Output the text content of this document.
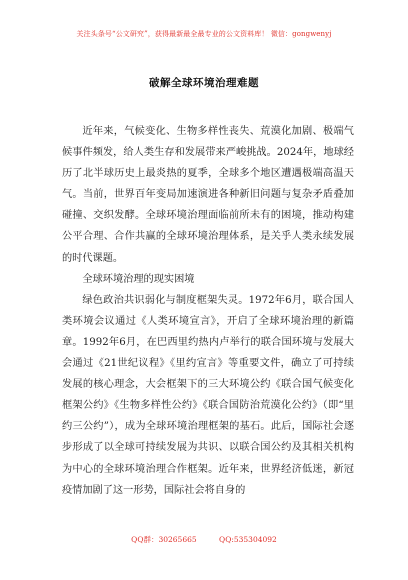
关注头条号“公文研究”，获得最新最全最专业的公文资料库！ 微信：gongwenyj
破解全球环境治理难题

近年来，气候变化、生物多样性丧失、荒漠化加剧、极端气候事件频发，给人类生存和发展带来严峻挑战。2024年，地球经历了北半球历史上最炎热的夏季，全球多个地区遭遇极端高温天气。当前，世界百年变局加速演进各种新旧问题与复杂矛盾叠加碰撞、交织发酵。全球环境治理面临前所未有的困境，推动构建公平合理、合作共赢的全球环境治理体系，是关乎人类永续发展的时代课题。

全球环境治理的现实困境

绿色政治共识弱化与制度框架失灵。1972年6月，联合国人类环境会议通过《人类环境宣言》，开启了全球环境治理的新篇章。1992年6月，在巴西里约热内卢举行的联合国环境与发展大会通过《21世纪议程》《里约宣言》等重要文件，确立了可持续发展的核心理念，大会框架下的三大环境公约《联合国气候变化框架公约》《生物多样性公约》《联合国防治荒漠化公约》（即“里约三公约”），成为全球环境治理框架的基石。此后，国际社会逐步形成了以全球可持续发展为共识、以联合国公约及其相关机构为中心的全球环境治理合作框架。近年来，世界经济低迷，新冠疫情加剧了这一形势，国际社会将自身的

QQ群：30265665	QQ:535304092
